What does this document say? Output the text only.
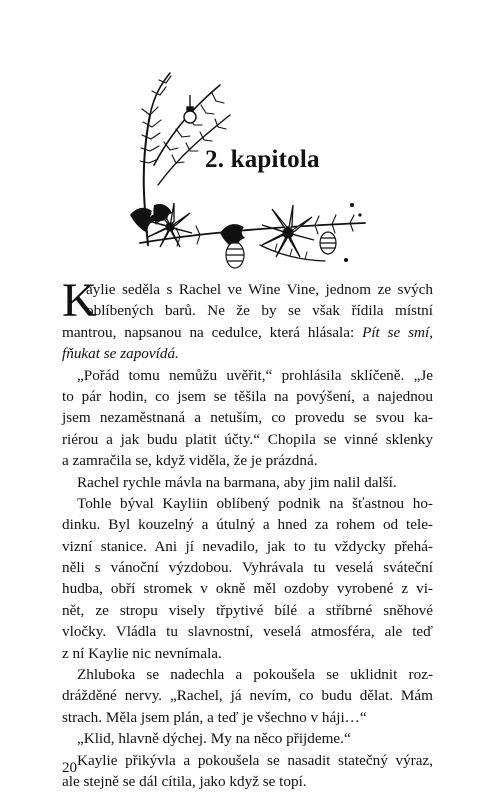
2. kapitola

K
aylie seděla s Rachel ve Wine Vine, jednom ze svých
oblíbených barů. Ne že by se však řídila místní
mantrou, napsanou na cedulce, která hlásala: Pít se smí,
fňukat se zapovídá.

„Pořád tomu nemůžu uvěřit,“ prohlásila sklíčeně. „Je
to pár hodin, co jsem se těšila na povýšení, a najednou
jsem nezaměstnaná a netuším, co provedu se svou ka-
riérou a jak budu platit účty.“ Chopila se vinné sklenky
a zamračila se, když viděla, že je prázdná.

Rachel rychle mávla na barmana, aby jim nalil další.

Tohle býval Kayliin oblíbený podnik na šťastnou ho-
dinku. Byl kouzelný a útulný a hned za rohem od tele-
vizní stanice. Ani jí nevadilo, jak to tu vždycky přehá-
něli s vánoční výzdobou. Vyhrávala tu veselá sváteční
hudba, obří stromek v okně měl ozdoby vyrobené z vi-
nět, ze stropu visely třpytivé bílé a stříbrné sněhové
vločky. Vládla tu slavnostní, veselá atmosféra, ale teď
z ní Kaylie nic nevnímala.

Zhluboka se nadechla a pokoušela se uklidnit roz-
drážděné nervy. „Rachel, já nevím, co budu dělat. Mám
strach. Měla jsem plán, a teď je všechno v háji…“

„Klid, hlavně dýchej. My na něco přijdeme.“

Kaylie přikývla a pokoušela se nasadit statečný výraz,
ale stejně se dál cítila, jako když se topí.

20
